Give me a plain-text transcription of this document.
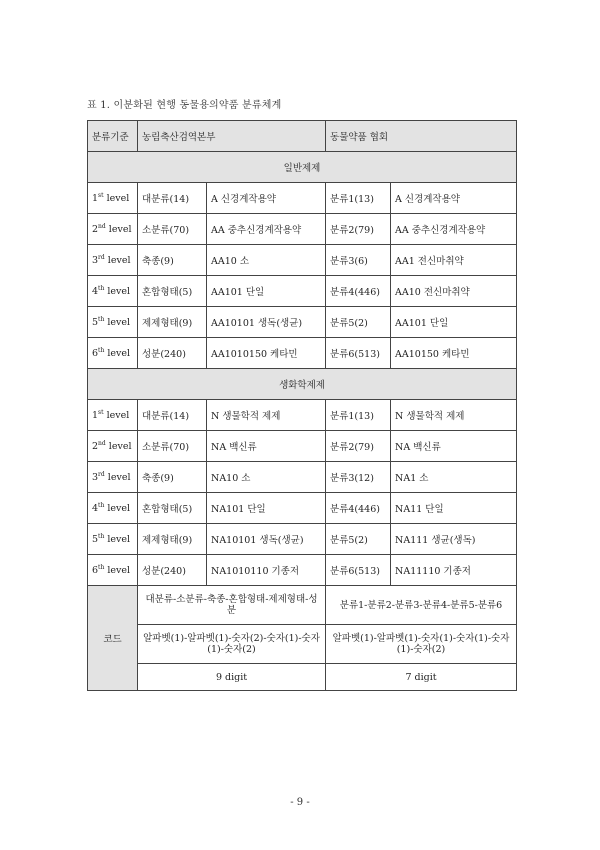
표 1. 이분화된 현행 동물용의약품 분류체계
분류기준	농림축산검역본부		동물약품 협회	
일반제제				
1st level	대분류(14)	A 신경계작용약	분류1(13)	A 신경계작용약
2nd level	소분류(70)	AA 중추신경계작용약	분류2(79)	AA 중추신경계작용약
3rd level	축종(9)	AA10 소	분류3(6)	AA1 전신마취약
4th level	혼합형태(5)	AA101 단일	분류4(446)	AA10 전신마취약
5th level	제제형태(9)	AA10101 생독(생균)	분류5(2)	AA101 단일
6th level	성분(240)	AA1010150 케타민	분류6(513)	AA10150 케타민
생화학제제				
1st level	대분류(14)	N 생물학적 제제	분류1(13)	N 생물학적 제제
2nd level	소분류(70)	NA 백신류	분류2(79)	NA 백신류
3rd level	축종(9)	NA10 소	분류3(12)	NA1 소
4th level	혼합형태(5)	NA101 단일	분류4(446)	NA11 단일
5th level	제제형태(9)	NA10101 생독(생균)	분류5(2)	NA111 생균(생독)
6th level	성분(240)	NA1010110 기종저	분류6(513)	NA11110 기종저
코드	대분류-소분류-축종-혼합형태-제제형태-성분		분류1-분류2-분류3-분류4-분류5-분류6	
	알파벳(1)-알파벳(1)-숫자(2)-숫자(1)-숫자(1)-숫자(2)		알파벳(1)-알파벳(1)-숫자(1)-숫자(1)-숫자(1)-숫자(2)	
	9 digit		7 digit	
- 9 -
